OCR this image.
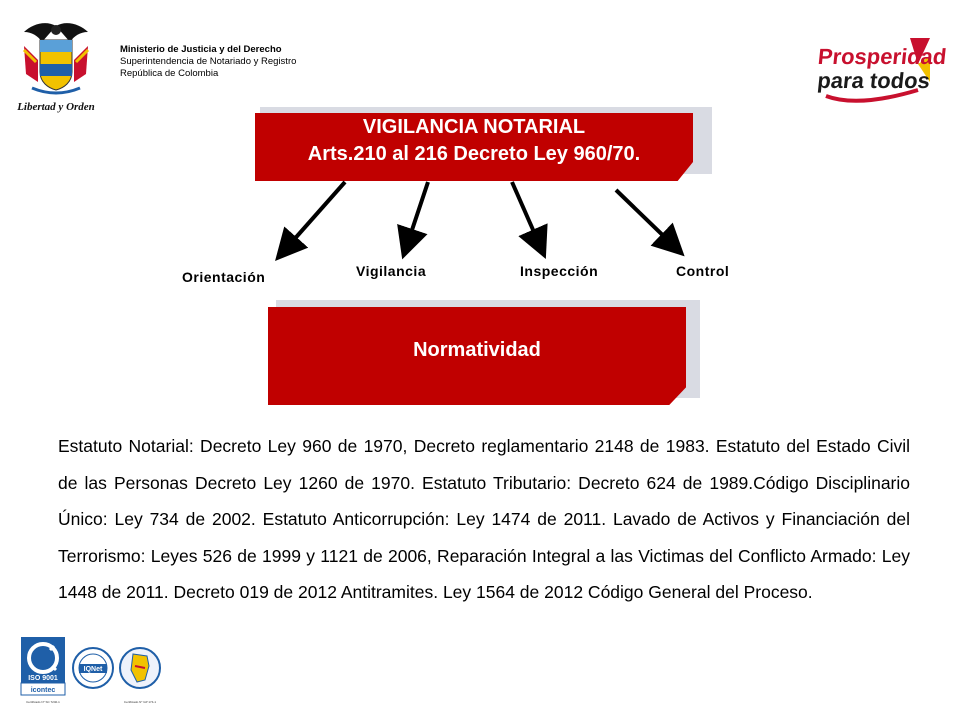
Libertad y Orden
Ministerio de Justicia y del Derecho
Superintendencia de Notariado y Registro
República de Colombia
Prosperidad
para todos
VIGILANCIA NOTARIAL
Arts.210 al 216 Decreto Ley 960/70.
Orientación	Vigilancia	Inspección	Control
Normatividad
Estatuto Notarial: Decreto Ley 960 de 1970, Decreto reglamentario 2148 de 1983. Estatuto del Estado Civil de las Personas Decreto Ley 1260 de 1970. Estatuto Tributario: Decreto 624 de 1989.Código Disciplinario Único: Ley 734 de 2002. Estatuto Anticorrupción: Ley 1474 de 2011. Lavado de Activos y Financiación del Terrorismo: Leyes 526 de 1999 y 1121 de 2006, Reparación Integral a las Victimas del Conflicto Armado: Ley 1448 de 2011. Decreto 019 de 2012 Antitramites. Ley 1564 de 2012 Código General del Proceso.
ISO 9001
icontec
Certificado N° SC 7240-1
IQNet
Certificado N° GP 174-1
